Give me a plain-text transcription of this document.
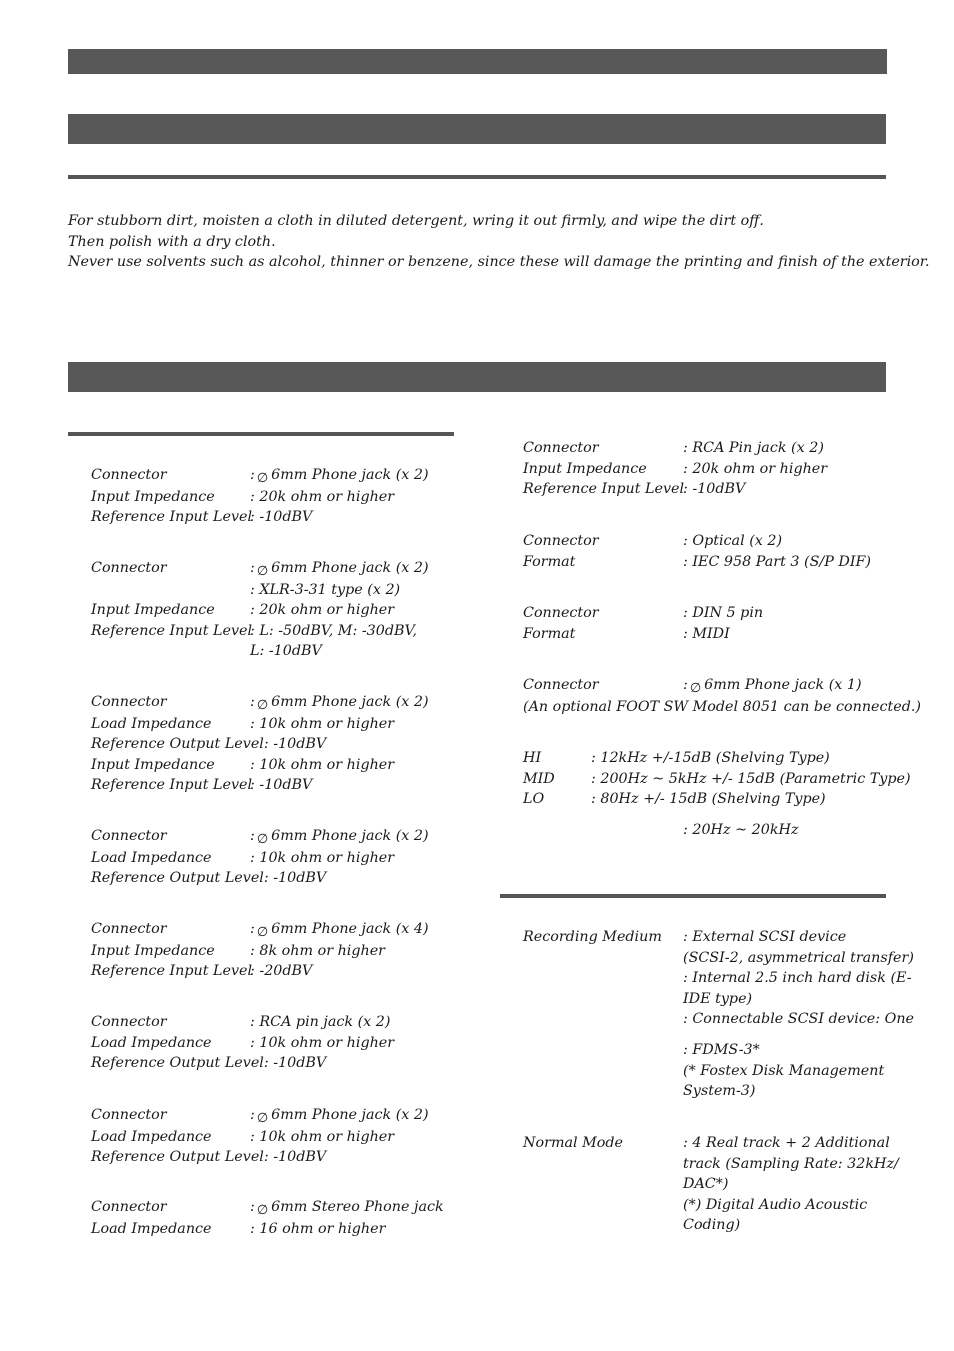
For stubborn dirt, moisten a cloth in diluted detergent, wring it out firmly, and wipe the dirt off.
Then polish with a dry cloth.
Never use solvents such as alcohol, thinner or benzene, since these will damage the printing and finish of the exterior.
Connector	: ∅ 6mm Phone jack (x 2)
Input Impedance	: 20k ohm or higher
Reference Input Level
: -10dBV
Connector	: ∅ 6mm Phone jack (x 2)
: XLR-3-31 type (x 2)
Input Impedance	: 20k ohm or higher
Reference Input Level
: L: -50dBV, M: -30dBV,
L: -10dBV
Connector	: ∅ 6mm Phone jack (x 2)
Load Impedance	: 10k ohm or higher
Reference Output Level : -10dBV
Input Impedance	: 10k ohm or higher
Reference Input Level
: -10dBV
Connector	: ∅ 6mm Phone jack (x 2)
Load Impedance	: 10k ohm or higher
Reference Output Level : -10dBV
Connector	: ∅ 6mm Phone jack (x 4)
Input Impedance	: 8k ohm or higher
Reference Input Level
: -20dBV
Connector	: RCA pin jack (x 2)
Load Impedance	: 10k ohm or higher
Reference Output Level : -10dBV
Connector	: ∅ 6mm Phone jack (x 2)
Load Impedance	: 10k ohm or higher
Reference Output Level : -10dBV
Connector	: ∅ 6mm Stereo Phone jack
Load Impedance	: 16 ohm or higher
Connector	: RCA Pin jack (x 2)
Input Impedance	: 20k ohm or higher
Reference Input Level
: -10dBV
Connector	: Optical (x 2)
Format	: IEC 958 Part 3 (S/P DIF)
Connector	: DIN 5 pin
Format	: MIDI
Connector	: ∅ 6mm Phone jack (x 1)
(An optional FOOT SW Model 8051 can be connected.)
HI	: 12kHz +/-15dB (Shelving Type)
MID	: 200Hz ~ 5kHz +/- 15dB (Parametric Type)
LO	: 80Hz +/- 15dB (Shelving Type)
: 20Hz ~ 20kHz
Recording Medium	: External SCSI device
(SCSI-2, asymmetrical transfer)
: Internal 2.5 inch hard disk (E-
IDE type)
: Connectable SCSI device: One
: FDMS-3*
(* Fostex Disk Management
System-3)
Normal Mode	: 4 Real track + 2 Additional
track (Sampling Rate: 32kHz/
DAC*)
(*) Digital Audio Acoustic
Coding)
